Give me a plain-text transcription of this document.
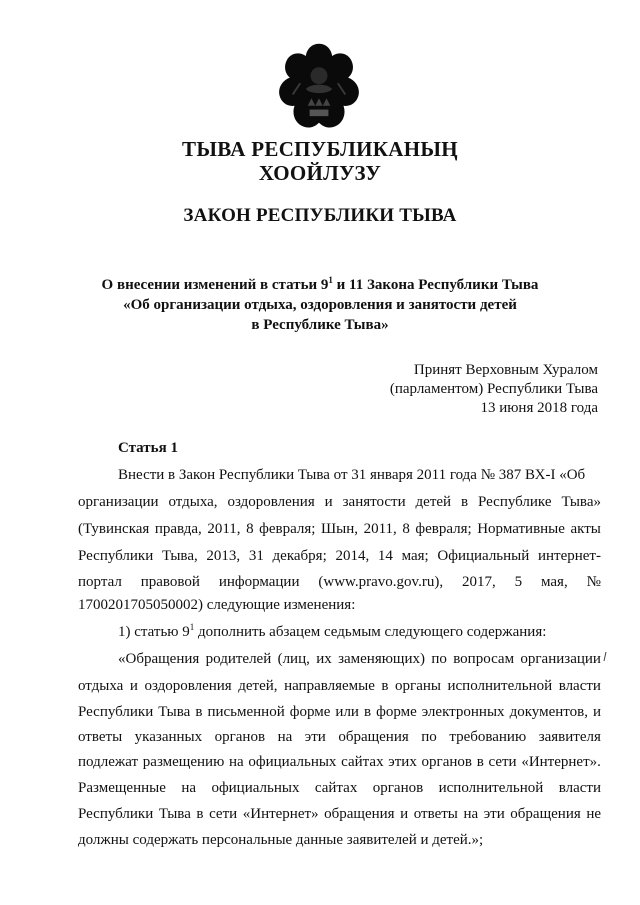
ТЫВА РЕСПУБЛИКАНЫҢ
ХООЙЛУЗУ
ЗАКОН РЕСПУБЛИКИ ТЫВА
О внесении изменений в статьи $9^1$ и 11 Закона Республики Тыва
«Об организации отдыха, оздоровления и занятости детей
в Республике Тыва»
Принят Верховным Хуралом
(парламентом) Республики Тыва
13 июня 2018 года
Статья 1
Внести в Закон Республики Тыва от 31 января 2011 года № 387 ВХ-I «Об
организации отдыха, оздоровления и занятости детей в Республике Тыва»
(Тувинская правда, 2011, 8 февраля; Шын, 2011, 8 февраля; Нормативные акты
Республики Тыва, 2013, 31 декабря; 2014, 14 мая; Официальный интернет-
портал правовой информации (www.pravo.gov.ru), 2017, 5 мая, №
1700201705050002) следующие изменения:
1) статью $9^1$ дополнить абзацем седьмым следующего содержания:
«Обращения родителей (лиц, их заменяющих) по вопросам организации
отдыха и оздоровления детей, направляемые в органы исполнительной власти
Республики Тыва в письменной форме или в форме электронных документов, и
ответы указанных органов на эти обращения по требованию заявителя
подлежат размещению на официальных сайтах этих органов в сети «Интернет».
Размещенные на официальных сайтах органов исполнительной власти
Республики Тыва в сети «Интернет» обращения и ответы на эти обращения не
должны содержать персональные данные заявителей и детей.»;
